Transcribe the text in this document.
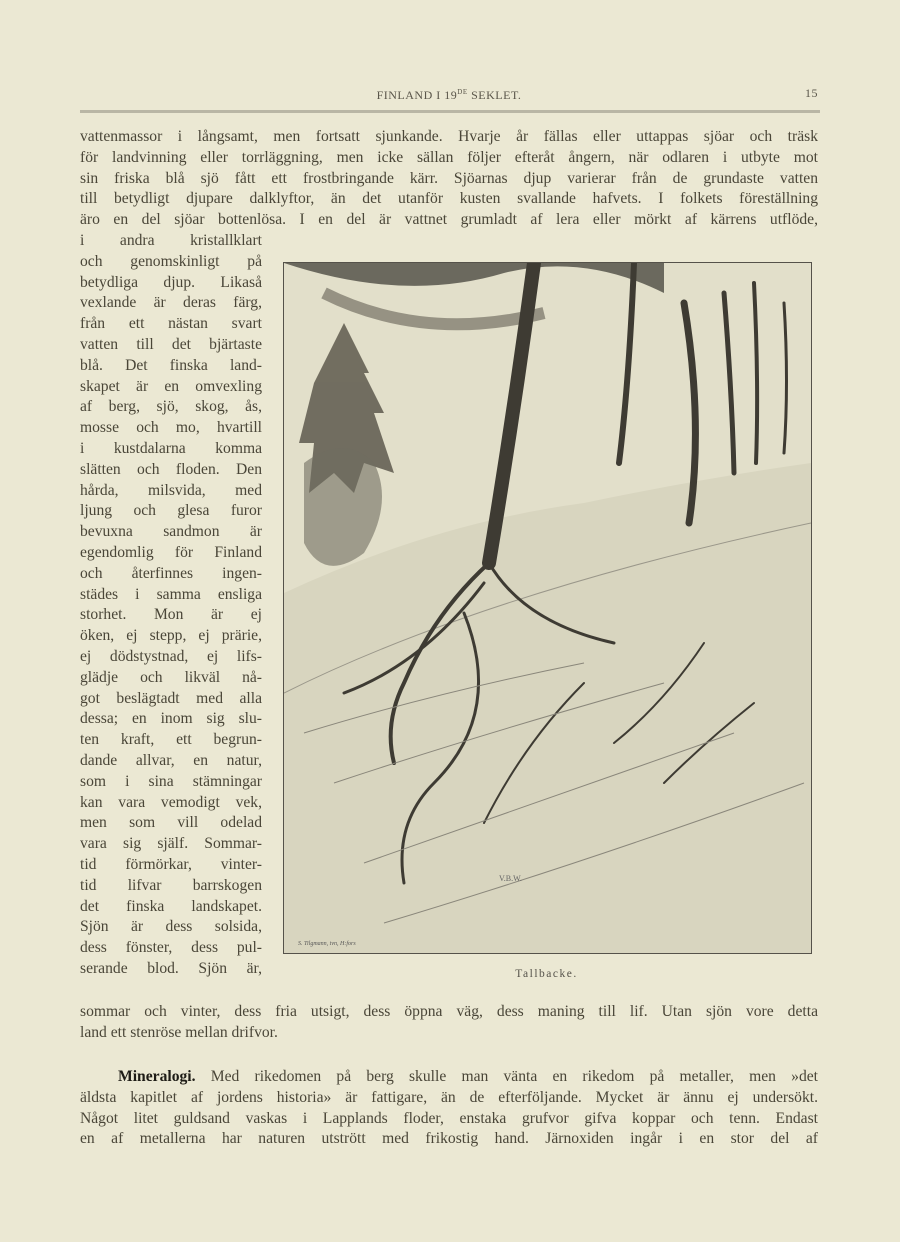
FINLAND I 19DE SEKLET.	15
vattenmassor i långsamt, men fortsatt sjunkande. Hvarje år fällas eller uttappas sjöar och träsk
för landvinning eller torrläggning, men icke sällan följer efteråt ångern, när odlaren i utbyte mot
sin friska blå sjö fått ett frostbringande kärr. Sjöarnas djup varierar från de grundaste vatten
till betydligt djupare dalklyftor, än det utanför kusten svallande hafvets. I folkets föreställning
äro en del sjöar bottenlösa. I en del är vattnet grumladt af lera eller mörkt af kärrens utflöde,
i andra kristallklart
och genomskinligt på
betydliga djup. Likaså
vexlande är deras färg,
från ett nästan svart
vatten till det bjärtaste
blå. Det finska land-
skapet är en omvexling
af berg, sjö, skog, ås,
mosse och mo, hvartill
i kustdalarna komma
slätten och floden. Den
hårda, milsvida, med
ljung och glesa furor
bevuxna sandmon är
egendomlig för Finland
och återfinnes ingen-
städes i samma ensliga
storhet. Mon är ej
öken, ej stepp, ej prärie,
ej dödstystnad, ej lifs-
glädje och likväl nå-
got beslägtadt med alla
dessa; en inom sig slu-
ten kraft, ett begrun-
dande allvar, en natur,
som i sina stämningar
kan vara vemodigt vek,
men som vill odelad
vara sig själf. Sommar-
tid förmörkar, vinter-
tid lifvar barrskogen
det finska landskapet.
Sjön är dess solsida,
dess fönster, dess pul-
serande blod. Sjön är,
sommar och vinter, dess fria utsigt, dess öppna väg, dess maning till lif. Utan sjön vore detta
land ett stenröse mellan drifvor.
Mineralogi. Med rikedomen på berg skulle man vänta en rikedom på metaller, men »det
äldsta kapitlet af jordens historia» är fattigare, än de efterföljande. Mycket är ännu ej undersökt.
Något litet guldsand vaskas i Lapplands floder, enstaka grufvor gifva koppar och tenn. Endast
en af metallerna har naturen utstrött med frikostig hand. Järnoxiden ingår i en stor del af
V.B.W.
S. Tilgmann, tvn, H:fors
Tallbacke.
